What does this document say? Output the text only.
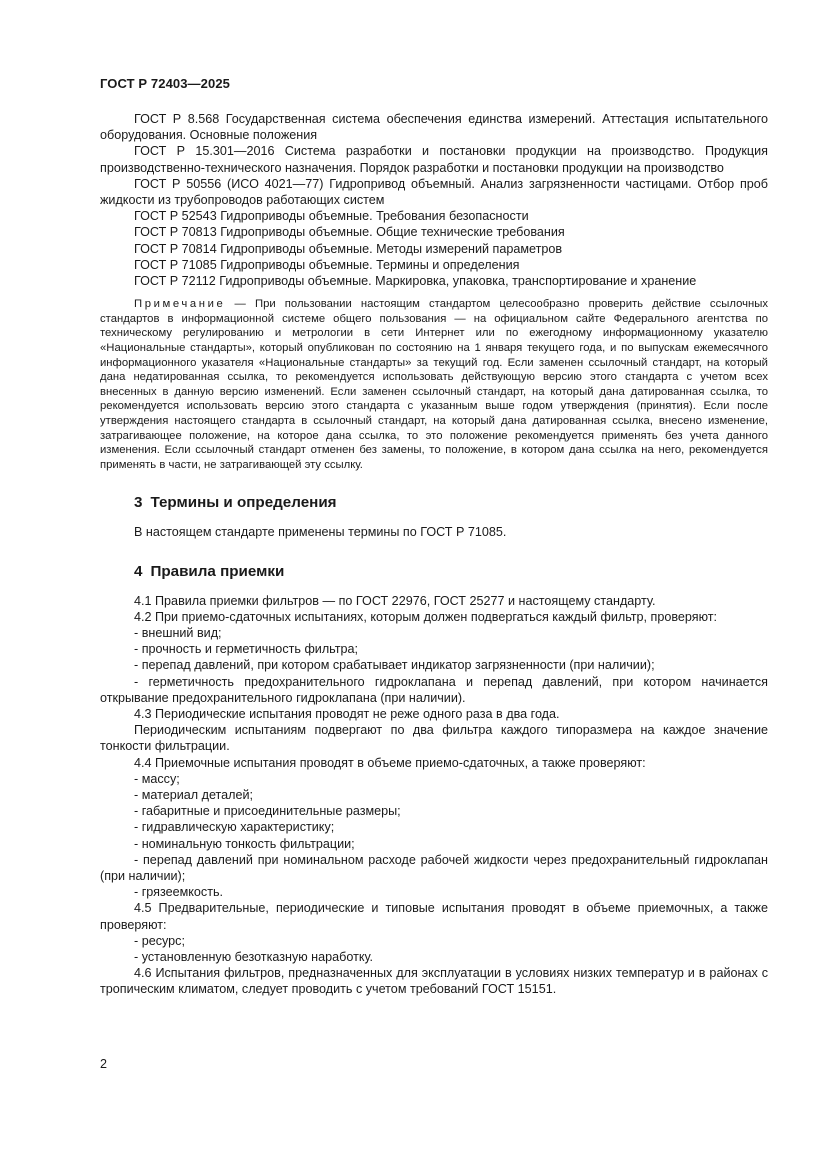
ГОСТ Р 72403—2025

ГОСТ Р 8.568 Государственная система обеспечения единства измерений. Аттестация испытательного оборудования. Основные положения

ГОСТ Р 15.301—2016 Система разработки и постановки продукции на производство. Продукция производственно-технического назначения. Порядок разработки и постановки продукции на производство

ГОСТ Р 50556 (ИСО 4021—77) Гидропривод объемный. Анализ загрязненности частицами. Отбор проб жидкости из трубопроводов работающих систем

ГОСТ Р 52543 Гидроприводы объемные. Требования безопасности

ГОСТ Р 70813 Гидроприводы объемные. Общие технические требования

ГОСТ Р 70814 Гидроприводы объемные. Методы измерений параметров

ГОСТ Р 71085 Гидроприводы объемные. Термины и определения

ГОСТ Р 72112 Гидроприводы объемные. Маркировка, упаковка, транспортирование и хранение

Примечание — При пользовании настоящим стандартом целесообразно проверить действие ссылочных стандартов в информационной системе общего пользования — на официальном сайте Федерального агентства по техническому регулированию и метрологии в сети Интернет или по ежегодному информационному указателю «Национальные стандарты», который опубликован по состоянию на 1 января текущего года, и по выпускам ежемесячного информационного указателя «Национальные стандарты» за текущий год. Если заменен ссылочный стандарт, на который дана недатированная ссылка, то рекомендуется использовать действующую версию этого стандарта с учетом всех внесенных в данную версию изменений. Если заменен ссылочный стандарт, на который дана датированная ссылка, то рекомендуется использовать версию этого стандарта с указанным выше годом утверждения (принятия). Если после утверждения настоящего стандарта в ссылочный стандарт, на который дана датированная ссылка, внесено изменение, затрагивающее положение, на которое дана ссылка, то это положение рекомендуется применять без учета данного изменения. Если ссылочный стандарт отменен без замены, то положение, в котором дана ссылка на него, рекомендуется применять в части, не затрагивающей эту ссылку.

3 Термины и определения

В настоящем стандарте применены термины по ГОСТ Р 71085.

4 Правила приемки

4.1 Правила приемки фильтров — по ГОСТ 22976, ГОСТ 25277 и настоящему стандарту.

4.2 При приемо-сдаточных испытаниях, которым должен подвергаться каждый фильтр, проверяют:

- внешний вид;

- прочность и герметичность фильтра;

- перепад давлений, при котором срабатывает индикатор загрязненности (при наличии);

- герметичность предохранительного гидроклапана и перепад давлений, при котором начинается открывание предохранительного гидроклапана (при наличии).

4.3 Периодические испытания проводят не реже одного раза в два года.

Периодическим испытаниям подвергают по два фильтра каждого типоразмера на каждое значение тонкости фильтрации.

4.4 Приемочные испытания проводят в объеме приемо-сдаточных, а также проверяют:

- массу;

- материал деталей;

- габаритные и присоединительные размеры;

- гидравлическую характеристику;

- номинальную тонкость фильтрации;

- перепад давлений при номинальном расходе рабочей жидкости через предохранительный гидроклапан (при наличии);

- грязеемкость.

4.5 Предварительные, периодические и типовые испытания проводят в объеме приемочных, а также проверяют:

- ресурс;

- установленную безотказную наработку.

4.6 Испытания фильтров, предназначенных для эксплуатации в условиях низких температур и в районах с тропическим климатом, следует проводить с учетом требований ГОСТ 15151.

2
